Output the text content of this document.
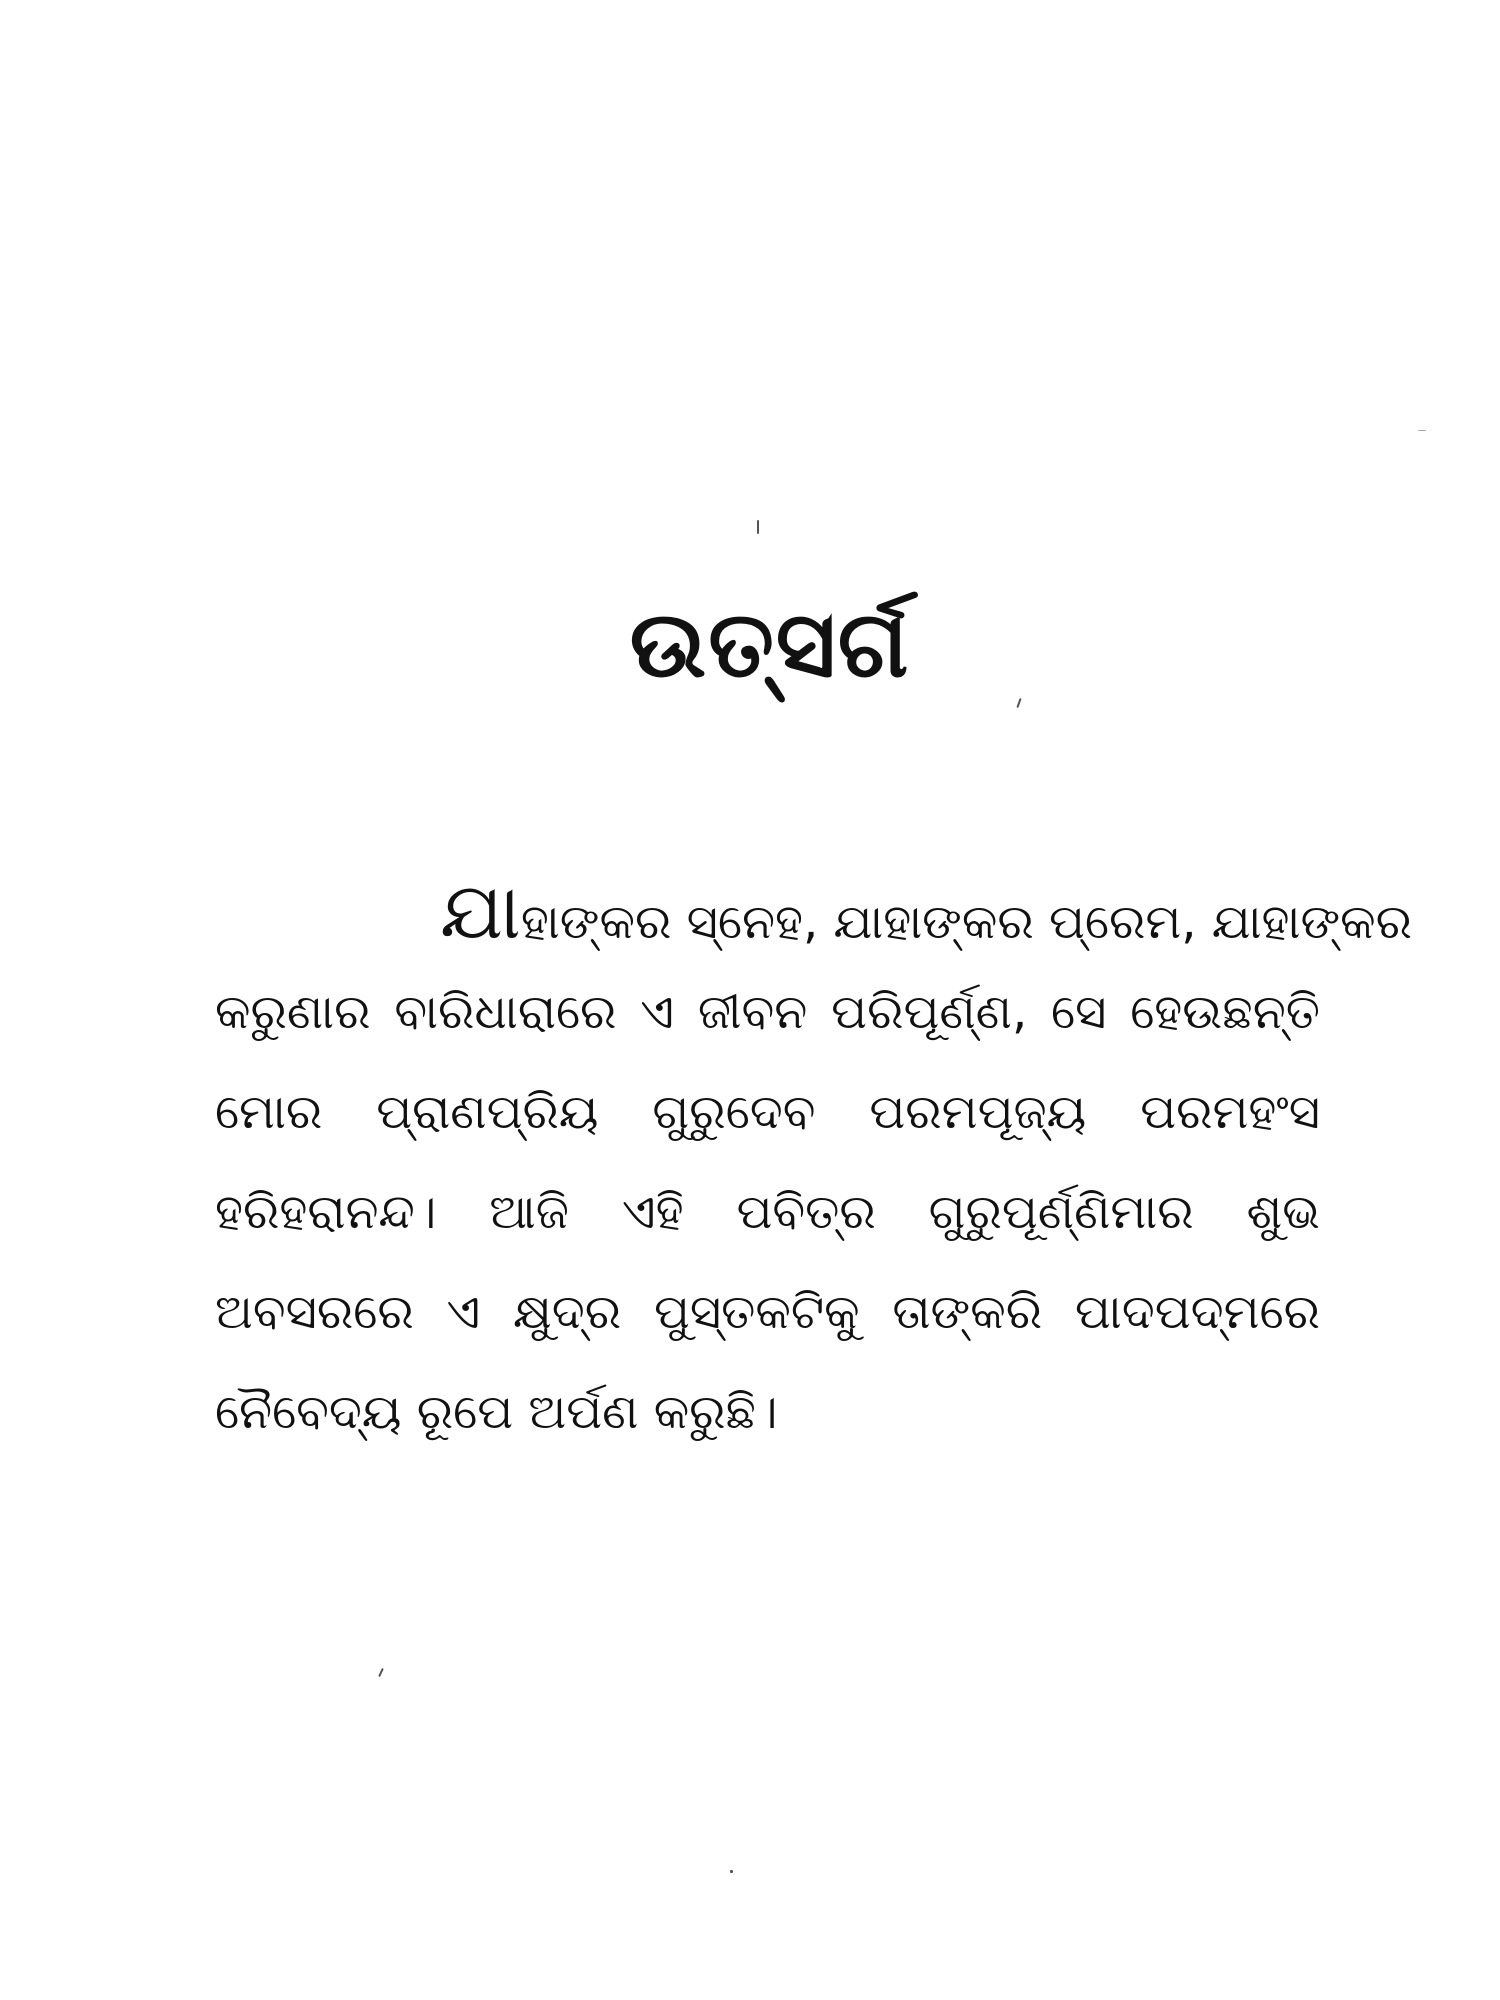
ଉତ୍ସର୍ଗ
ଯାହାଙ୍କର ସ୍ନେହ, ଯାହାଙ୍କର ପ୍ରେମ, ଯାହାଙ୍କର
କରୁଣାର ବାରିଧାରାରେ ଏ ଜୀବନ ପରିପୂର୍ଣ୍ଣ, ସେ ହେଉଛନ୍ତି
ମୋର ପ୍ରାଣପ୍ରିୟ ଗୁରୁଦେବ ପରମପୂଜ୍ୟ ପରମହଂସ
ହରିହରାନନ୍ଦ। ଆଜି ଏହି ପବିତ୍ର ଗୁରୁପୂର୍ଣ୍ଣିମାର ଶୁଭ
ଅବସରରେ ଏ କ୍ଷୁଦ୍ର ପୁସ୍ତକଟିକୁ ତାଙ୍କରି ପାଦପଦ୍ମରେ
ନୈବେଦ୍ୟ ରୂପେ ଅର୍ପଣ କରୁଛି।
